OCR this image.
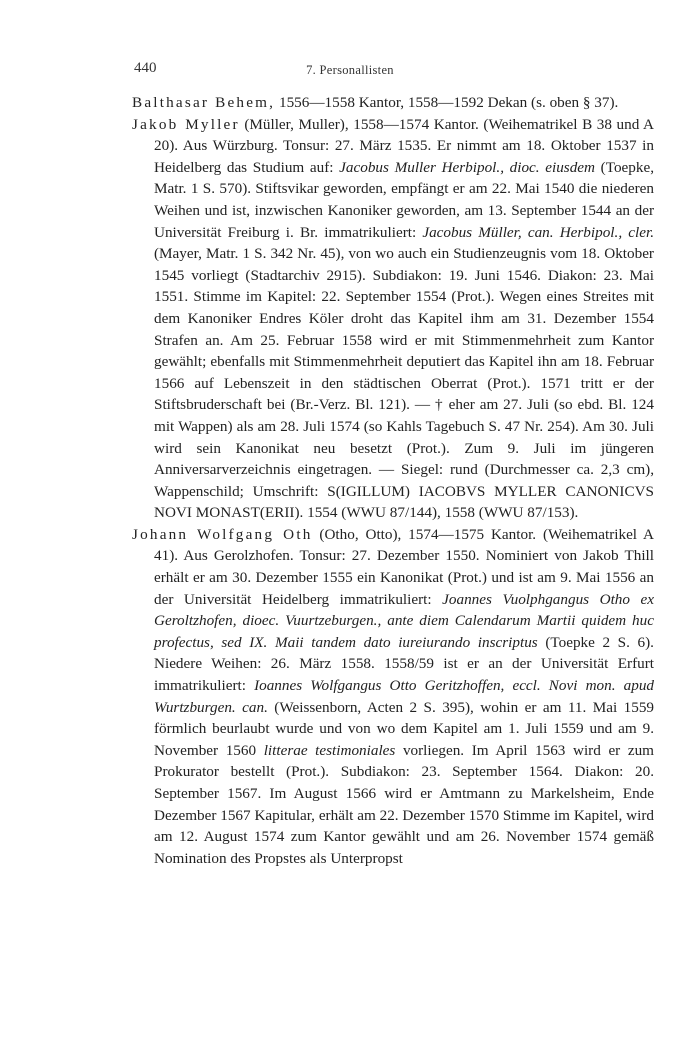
440	7. Personallisten

Balthasar Behem, 1556—1558 Kantor, 1558—1592 Dekan (s. oben § 37).

Jakob Myller (Müller, Muller), 1558—1574 Kantor. (Weihematrikel B 38 und A 20). Aus Würzburg. Tonsur: 27. März 1535. Er nimmt am 18. Oktober 1537 in Heidelberg das Studium auf: Jacobus Muller Herbipol., dioc. eiusdem (Toepke, Matr. 1 S. 570). Stiftsvikar geworden, empfängt er am 22. Mai 1540 die niederen Weihen und ist, inzwischen Kanoniker geworden, am 13. September 1544 an der Universität Freiburg i. Br. immatrikuliert: Jacobus Müller, can. Herbipol., cler. (Mayer, Matr. 1 S. 342 Nr. 45), von wo auch ein Studienzeugnis vom 18. Oktober 1545 vorliegt (Stadtarchiv 2915). Subdiakon: 19. Juni 1546. Diakon: 23. Mai 1551. Stimme im Kapitel: 22. September 1554 (Prot.). Wegen eines Streites mit dem Kanoniker Endres Köler droht das Kapitel ihm am 31. Dezember 1554 Strafen an. Am 25. Februar 1558 wird er mit Stimmenmehrheit zum Kantor gewählt; ebenfalls mit Stimmenmehrheit deputiert das Kapitel ihn am 18. Februar 1566 auf Lebenszeit in den städtischen Oberrat (Prot.). 1571 tritt er der Stiftsbruderschaft bei (Br.-Verz. Bl. 121). — † eher am 27. Juli (so ebd. Bl. 124 mit Wappen) als am 28. Juli 1574 (so Kahls Tagebuch S. 47 Nr. 254). Am 30. Juli wird sein Kanonikat neu besetzt (Prot.). Zum 9. Juli im jüngeren Anniversarverzeichnis eingetragen. — Siegel: rund (Durchmesser ca. 2,3 cm), Wappenschild; Umschrift: S(IGILLUM) IACOBVS MYLLER CANONICVS NOVI MONAST(ERII). 1554 (WWU 87/144), 1558 (WWU 87/153).

Johann Wolfgang Oth (Otho, Otto), 1574—1575 Kantor. (Weihematrikel A 41). Aus Gerolzhofen. Tonsur: 27. Dezember 1550. Nominiert von Jakob Thill erhält er am 30. Dezember 1555 ein Kanonikat (Prot.) und ist am 9. Mai 1556 an der Universität Heidelberg immatrikuliert: Joannes Vuolphgangus Otho ex Geroltzhofen, dioec. Vuurtzeburgen., ante diem Calendarum Martii quidem huc profectus, sed IX. Maii tandem dato iureiurando inscriptus (Toepke 2 S. 6). Niedere Weihen: 26. März 1558. 1558/59 ist er an der Universität Erfurt immatrikuliert: Ioannes Wolfgangus Otto Geritzhoffen, eccl. Novi mon. apud Wurtzburgen. can. (Weissenborn, Acten 2 S. 395), wohin er am 11. Mai 1559 förmlich beurlaubt wurde und von wo dem Kapitel am 1. Juli 1559 und am 9. November 1560 litterae testimoniales vorliegen. Im April 1563 wird er zum Prokurator bestellt (Prot.). Subdiakon: 23. September 1564. Diakon: 20. September 1567. Im August 1566 wird er Amtmann zu Markelsheim, Ende Dezember 1567 Kapitular, erhält am 22. Dezember 1570 Stimme im Kapitel, wird am 12. August 1574 zum Kantor gewählt und am 26. November 1574 gemäß Nomination des Propstes als Unterpropst
